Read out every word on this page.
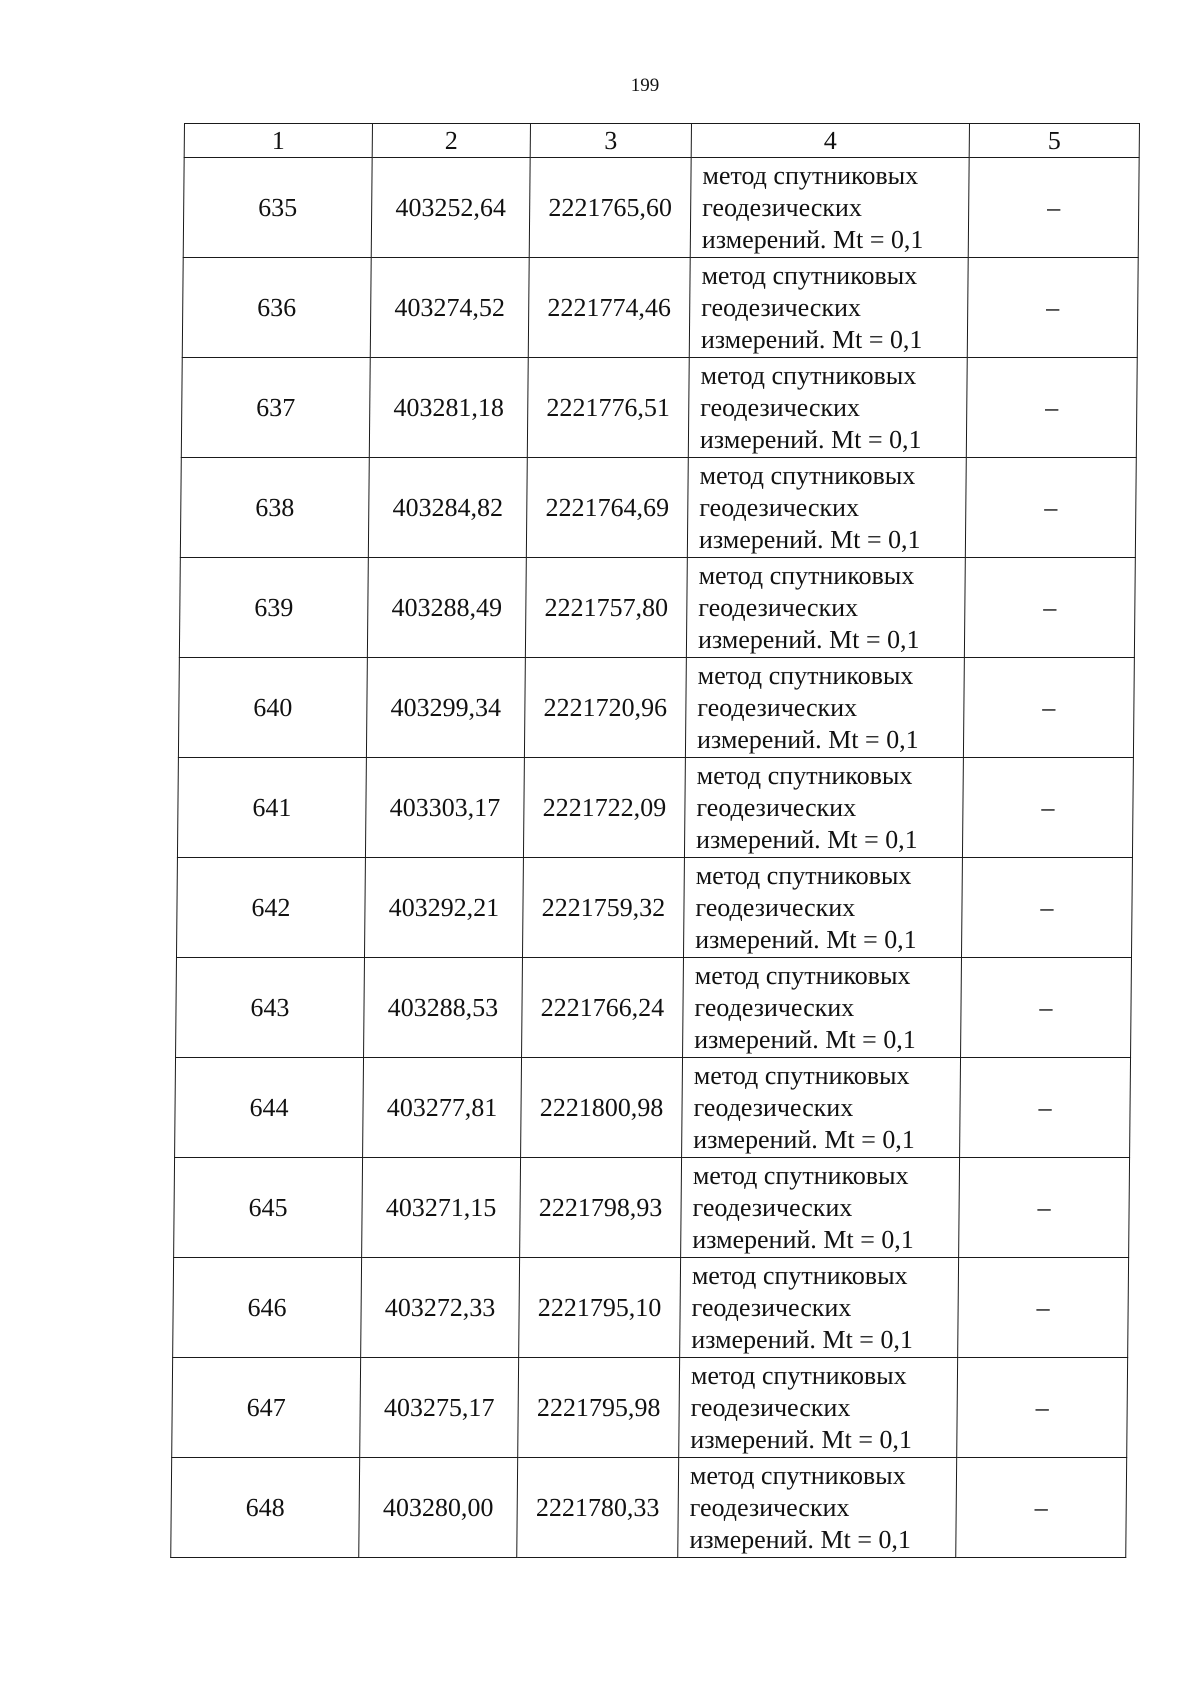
199
1	2	3	4	5
635	403252,64	2221765,60	метод спутниковых
геодезических
измерений. Mt = 0,1	–
636	403274,52	2221774,46	метод спутниковых
геодезических
измерений. Mt = 0,1	–
637	403281,18	2221776,51	метод спутниковых
геодезических
измерений. Mt = 0,1	–
638	403284,82	2221764,69	метод спутниковых
геодезических
измерений. Mt = 0,1	–
639	403288,49	2221757,80	метод спутниковых
геодезических
измерений. Mt = 0,1	–
640	403299,34	2221720,96	метод спутниковых
геодезических
измерений. Mt = 0,1	–
641	403303,17	2221722,09	метод спутниковых
геодезических
измерений. Mt = 0,1	–
642	403292,21	2221759,32	метод спутниковых
геодезических
измерений. Mt = 0,1	–
643	403288,53	2221766,24	метод спутниковых
геодезических
измерений. Mt = 0,1	–
644	403277,81	2221800,98	метод спутниковых
геодезических
измерений. Mt = 0,1	–
645	403271,15	2221798,93	метод спутниковых
геодезических
измерений. Mt = 0,1	–
646	403272,33	2221795,10	метод спутниковых
геодезических
измерений. Mt = 0,1	–
647	403275,17	2221795,98	метод спутниковых
геодезических
измерений. Mt = 0,1	–
648	403280,00	2221780,33	метод спутниковых
геодезических
измерений. Mt = 0,1	–
